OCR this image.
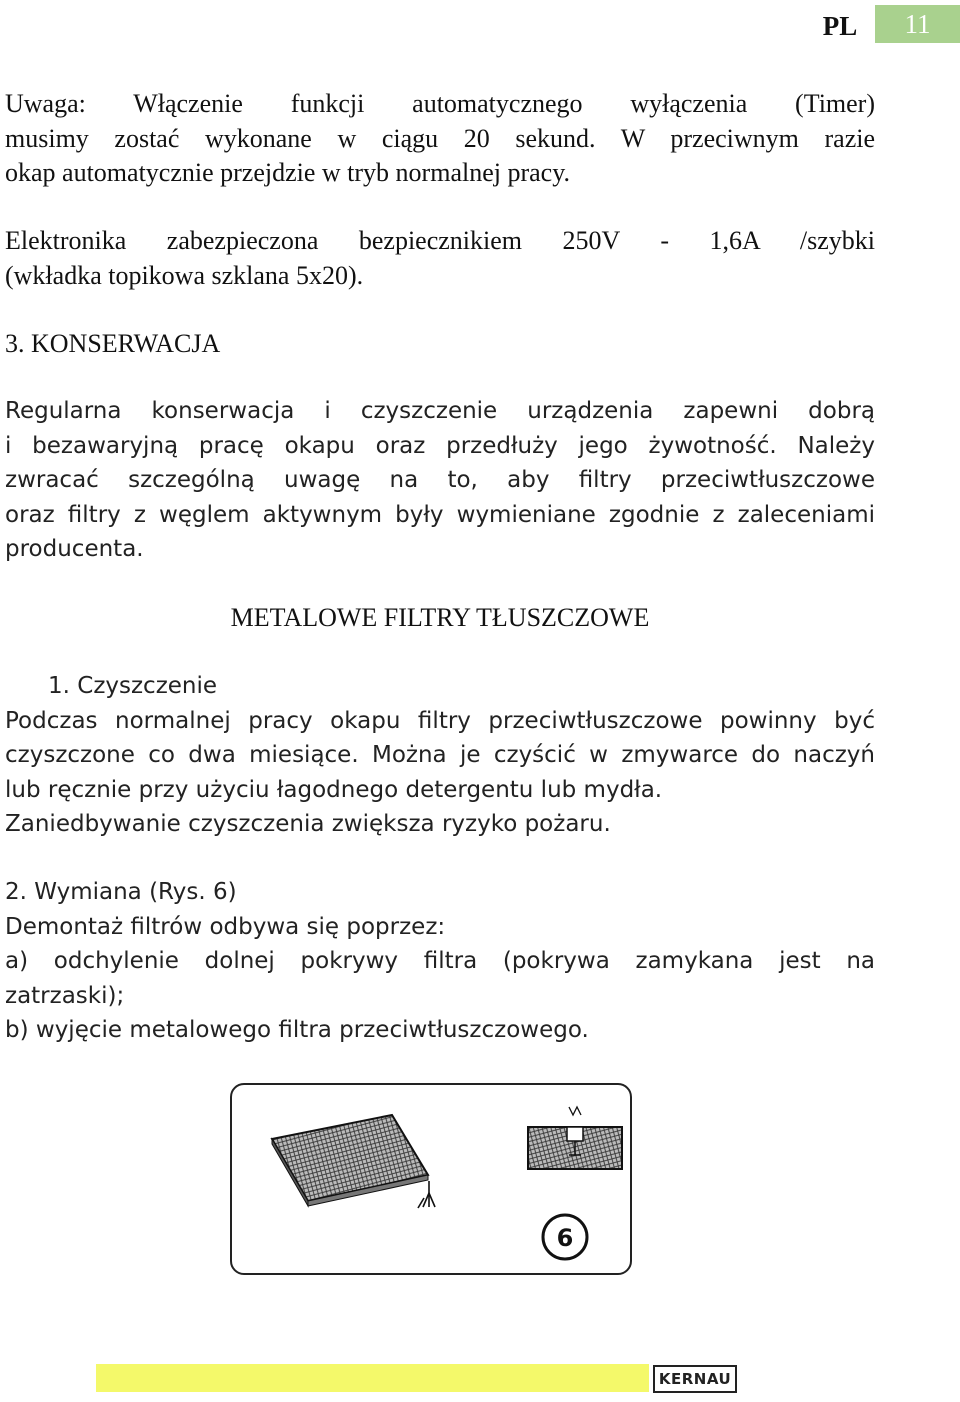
PL	11

Uwaga: Włączenie funkcji automatycznego wyłączenia (Timer)

musimy zostać wykonane w ciągu 20 sekund. W przeciwnym razie

okap automatycznie przejdzie w tryb normalnej pracy.

Elektronika zabezpieczona bezpiecznikiem 250V - 1,6A /szybki

(wkładka topikowa szklana 5x20).

3. KONSERWACJA

Regularna konserwacja i czyszczenie urządzenia zapewni dobrą

i bezawaryjną pracę okapu oraz przedłuży jego żywotność. Należy

zwracać szczególną uwagę na to, aby filtry przeciwtłuszczowe

oraz filtry z węglem aktywnym były wymieniane zgodnie z zaleceniami

producenta.

METALOWE FILTRY TŁUSZCZOWE

1. Czyszczenie

Podczas normalnej pracy okapu filtry przeciwtłuszczowe powinny być

czyszczone co dwa miesiące. Można je czyścić w zmywarce do naczyń

lub ręcznie przy użyciu łagodnego detergentu lub mydła.

Zaniedbywanie czyszczenia zwiększa ryzyko pożaru.

2. Wymiana (Rys. 6)

Demontaż filtrów odbywa się poprzez:

a) odchylenie dolnej pokrywy filtra (pokrywa zamykana jest na

zatrzaski);

b) wyjęcie metalowego filtra przeciwtłuszczowego.

6
KERNAU
